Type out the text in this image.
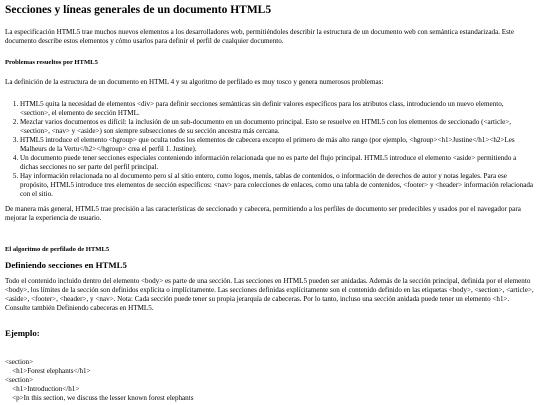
Secciones y líneas generales de un documento HTML5

La especificación HTML5 trae muchos nuevos elementos a los desarrolladores web, permitiéndoles describir la estructura de un documento web con semántica estandarizada. Este documento describe estos elementos y cómo usarlos para definir el perfil de cualquier documento.

Problemas resueltos por HTML5

La definición de la estructura de un documento en HTML 4 y su algoritmo de perfilado es muy tosco y genera numerosos problemas:

1. HTML5 quita la necesidad de elementos <div> para definir secciones semánticas sin definir valores específicos para los atributos class, introduciendo un nuevo elemento, <section>, el elemento de sección HTML.
2. Mezclar varios documentos es difícil: la inclusión de un sub-documento en un documento principal. Esto se resuelve en HTML5 con los elementos de seccionado (<article>, <section>, <nav> y <aside>) son siempre subsecciones de su sección ancestra más cercana.
3. HTML5 introduce el elemento <hgroup> que oculta todos los elementos de cabecera excepto el primero de más alto rango (por ejemplo, <hgroup><h1>Justine</h1><h2>Les Malheurs de la Vertu</h2></hgroup> crea el perfil 1. Justine).
4. Un documento puede tener secciones especiales conteniendo información relacionada que no es parte del flujo principal. HTML5 introduce el elemento <aside> permitiendo a dichas secciones no ser parte del perfil principal.
5. Hay información relacionada no al documento pero sí al sitio entero, como logos, menús, tablas de contenidos, o información de derechos de autor y notas legales. Para ese propósito, HTML5 introduce tres elementos de sección específicos: <nav> para colecciones de enlaces, como una tabla de contenidos, <footer> y <header> información relacionada con el sitio.

De manera más general, HTML5 trae precisión a las características de seccionado y cabecera, permitiendo a los perfiles de documento ser predecibles y usados por el navegador para mejorar la experiencia de usuario.

El algoritmo de perfilado de HTML5
Definiendo secciones en HTML5

Todo el contenido incluido dentro del elemento <body> es parte de una sección. Las secciones en HTML5 pueden ser anidadas. Además de la sección principal, definida por el elemento <body>, los límites de la sección son definidos explícita o implícitamente. Las secciones definidas explícitamente son el contenido definido en las etiquetas <body>, <section>, <article>, <aside>, <footer>, <header>, y <nav>. Nota: Cada sección puede tener su propia jerarquía de cabeceras. Por lo tanto, incluso una sección anidada puede tener un elemento <h1>. Consulte también Definiendo cabeceras en HTML5.

Ejemplo:
<section>
<h1>Forest elephants</h1>
<section>
<h1>Introduction</h1>
<p>In this section, we discuss the lesser known forest elephants
